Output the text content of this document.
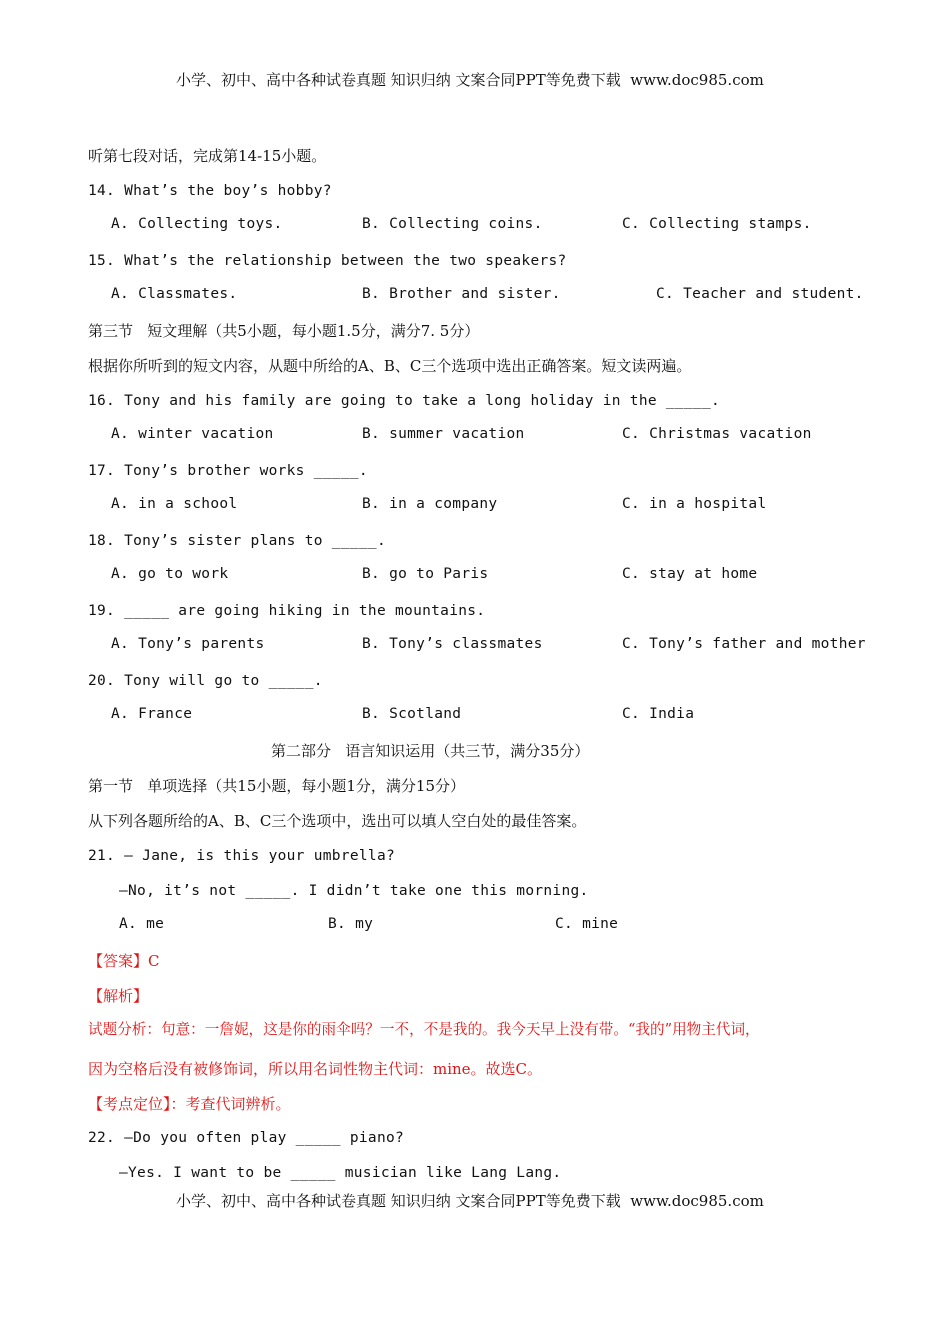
小学、初中、高中各种试卷真题 知识归纳 文案合同PPT等免费下载  www.doc985.com
听第七段对话，完成第14-15小题。
14. What’s the boy’s hobby?
A. Collecting toys.	B. Collecting coins.	C. Collecting stamps.
15. What’s the relationship between the two speakers?
A. Classmates.	B. Brother and sister.	C. Teacher and student.
第三节   短文理解（共5小题，每小题1.5分，满分7. 5分）
根据你所听到的短文内容，从题中所给的A、B、C三个选项中选出正确答案。短文读两遍。
16. Tony and his family are going to take a long holiday in the _____.
A. winter vacation	B. summer vacation	C. Christmas vacation
17. Tony’s brother works _____.
A. in a school	B. in a company	C. in a hospital
18. Tony’s sister plans to _____.
A. go to work	B. go to Paris	C. stay at home
19. _____ are going hiking in the mountains.
A. Tony’s parents	B. Tony’s classmates	C. Tony’s father and mother
20. Tony will go to _____.
A. France	B. Scotland	C. India
第二部分   语言知识运用（共三节，满分35分）
第一节   单项选择（共15小题，每小题1分，满分15分）
从下列各题所给的A、B、C三个选项中，选出可以填人空白处的最佳答案。
21. — Jane, is this your umbrella?
—No, it’s not _____. I didn’t take one this morning.
A. me	B. my	C. mine
【答案】C
【解析】
试题分析：句意：一詹妮，这是你的雨伞吗？一不，不是我的。我今天早上没有带。“我的”用物主代词，
因为空格后没有被修饰词，所以用名词性物主代词：mine。故选C。
【考点定位】：考查代词辨析。
22. —Do you often play _____ piano?
—Yes. I want to be _____ musician like Lang Lang.
小学、初中、高中各种试卷真题 知识归纳 文案合同PPT等免费下载  www.doc985.com
